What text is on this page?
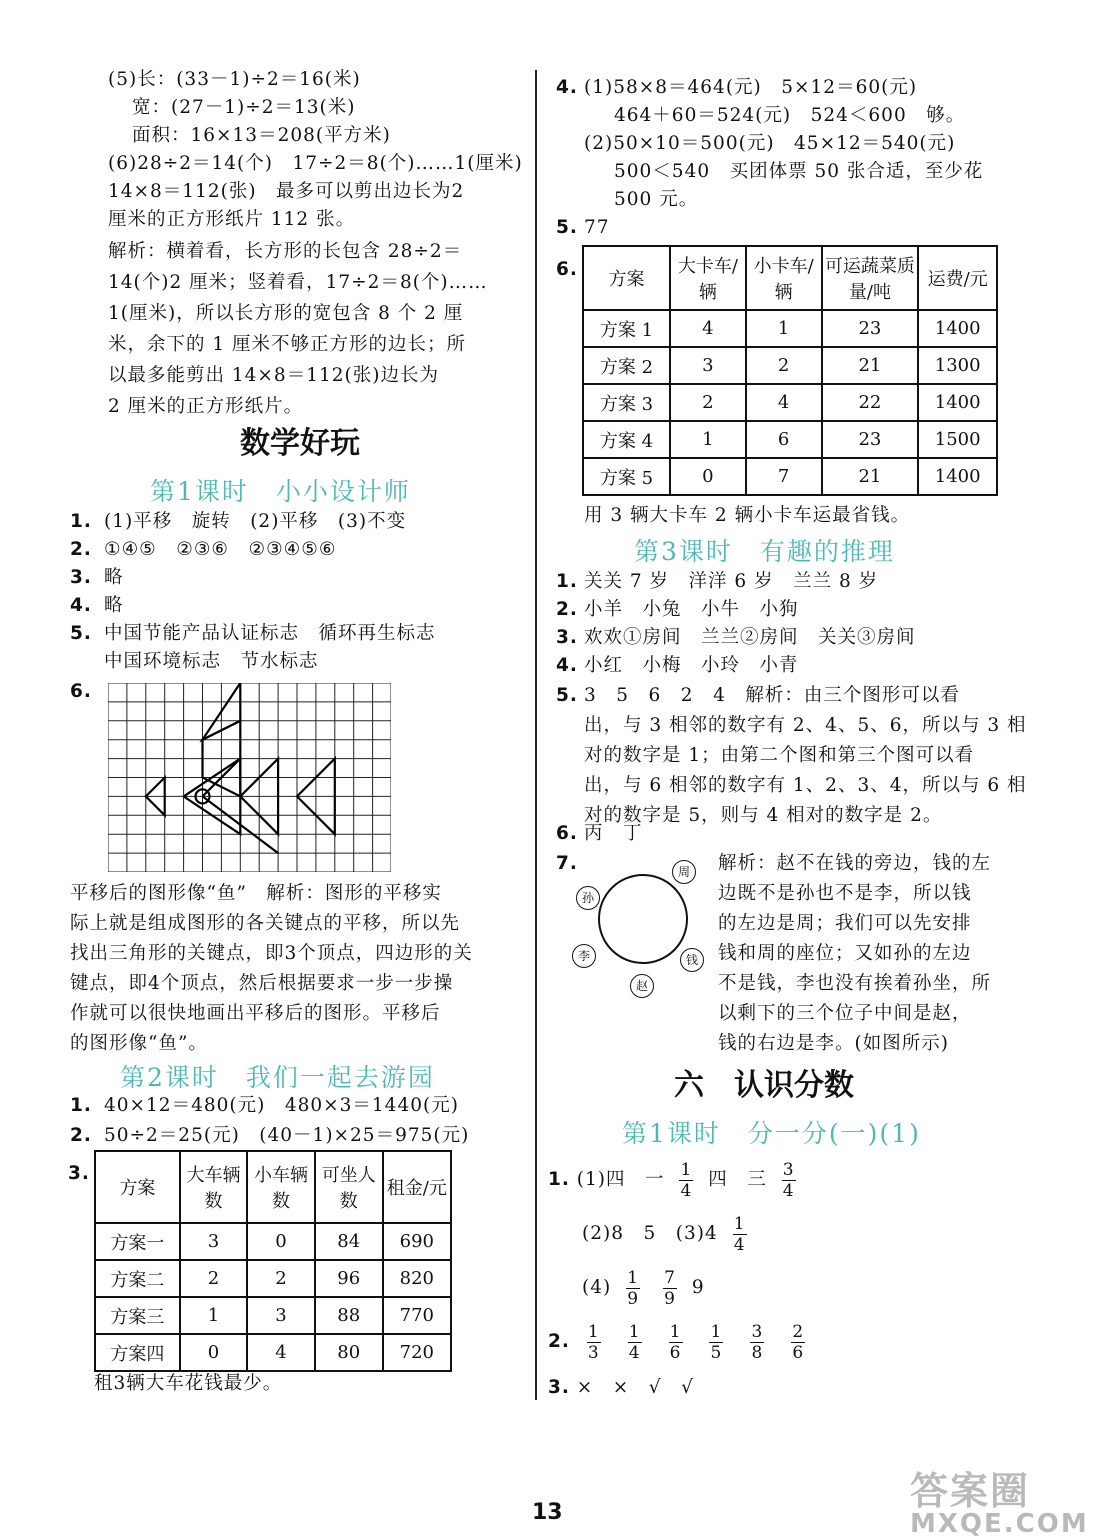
(5)长：(33－1)÷2＝16(米)
宽：(27－1)÷2＝13(米)
面积：16×13＝208(平方米)
(6)28÷2＝14(个)　17÷2＝8(个)……1(厘米)
14×8＝112(张)　最多可以剪出边长为2
厘米的正方形纸片 112 张。
解析：横着看，长方形的长包含 28÷2＝
14(个)2 厘米；竖着看，17÷2＝8(个)……
1(厘米)，所以长方形的宽包含 8 个 2 厘
米，余下的 1 厘米不够正方形的边长；所
以最多能剪出 14×8＝112(张)边长为
2 厘米的正方形纸片。
数学好玩
第1课时　小小设计师
1. (1)平移　旋转　(2)平移　(3)不变
2. ①④⑤　②③⑥　②③④⑤⑥
3. 略
4. 略
5. 中国节能产品认证标志　循环再生标志
中国环境标志　节水标志
6.
平移后的图形像“鱼”　解析：图形的平移实
际上就是组成图形的各关键点的平移，所以先
找出三角形的关键点，即3个顶点，四边形的关
键点，即4个顶点，然后根据要求一步一步操
作就可以很快地画出平移后的图形。平移后
的图形像“鱼”。
第2课时　我们一起去游园
1. 40×12＝480(元)　480×3＝1440(元)
2. 50÷2＝25(元)　(40－1)×25＝975(元)
3.
方案	大车辆数	小车辆数	可坐人数	租金/元
方案一	3	0	84	690
方案二	2	2	96	820
方案三	1	3	88	770
方案四	0	4	80	720
租3辆大车花钱最少。
4. (1)58×8＝464(元)　5×12＝60(元)
464＋60＝524(元)　524＜600　够。
(2)50×10＝500(元)　45×12＝540(元)
500＜540　买团体票 50 张合适，至少花
500 元。
5. 77
6. 方案	大卡车/辆	小卡车/辆	可运蔬菜质量/吨	运费/元
方案 1	4	1	23	1400
方案 2	3	2	21	1300
方案 3	2	4	22	1400
方案 4	1	6	23	1500
方案 5	0	7	21	1400
用 3 辆大卡车 2 辆小卡车运最省钱。
第3课时　有趣的推理
1. 关关 7 岁　洋洋 6 岁　兰兰 8 岁
2. 小羊　小兔　小牛　小狗
3. 欢欢①房间　兰兰②房间　关关③房间
4. 小红　小梅　小玲　小青
5. 3　5　6　2　4　解析：由三个图形可以看
出，与 3 相邻的数字有 2、4、5、6，所以与 3 相
对的数字是 1；由第二个图和第三个图可以看
出，与 6 相邻的数字有 1、2、3、4，所以与 6 相
对的数字是 5，则与 4 相对的数字是 2。
6. 丙　丁
7.	周
孙
赵
李	钱
解析：赵不在钱的旁边，钱的左
边既不是孙也不是李，所以钱
的左边是周；我们可以先安排
钱和周的座位；又如孙的左边
不是钱，李也没有挨着孙坐，所
以剩下的三个位子中间是赵，
钱的右边是李。(如图所示)
六　认识分数
第1课时　分一分(一)(1)
1. (1)四　一 $\frac{1}{4}$ 四　三 $\frac{3}{4}$
(2)8　5　$(3)4 \frac{1}{4}$
$(4) \frac{1}{9}$
$\frac{7}{9} 9$
2. $\frac{1}{3}$
$\frac{1}{4}$
$\frac{1}{6}$
$\frac{1}{5}$
$\frac{3}{8}$
$\frac{2}{6}$
3. ×　×　√　√
13	答案圈
MXQE.COM
